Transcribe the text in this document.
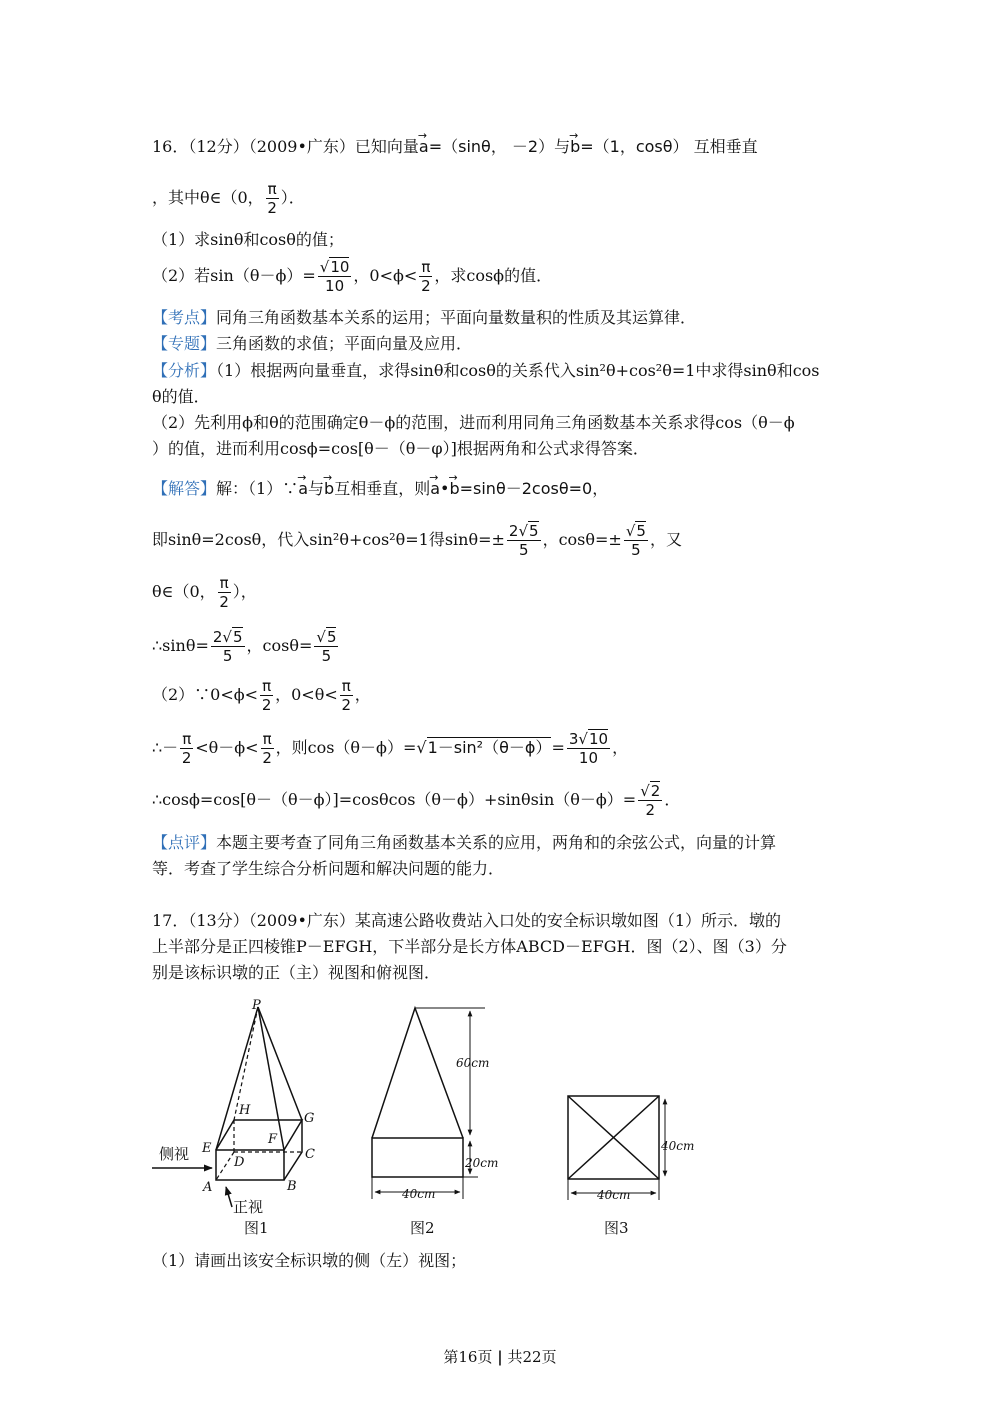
16．（12分）（2009•广东）已知向量→ a=（sinθ， －2）与→ b=（1，cosθ） 互相垂直
，其中θ∈（0， $\frac{\pi}{2}$ ）．
（1）求sinθ和cosθ的值；
（2）若$\sin(\theta-\phi)= \frac{√10}{10}$ ，$0<\phi< \frac{\pi}{2}$ ，求cosϕ的值．
【考点】同角三角函数基本关系的运用；平面向量数量积的性质及其运算律．
【专题】三角函数的求值；平面向量及应用．
【分析】（1）根据两向量垂直，求得sinθ和cosθ的关系代入sin²θ+cos²θ=1中求得sinθ和cos
θ的值．
（2）先利用ϕ和θ的范围确定θ－ϕ的范围，进而利用同角三角函数基本关系求得cos（θ－ϕ
）的值，进而利用cosϕ=cos[θ－（θ－φ）]根据两角和公式求得答案．
【解答】解：（1）∵→ a与→ b互相垂直，则→ a•→ b=sinθ－2cosθ=0，
即sinθ=2cosθ，代入sin²θ+cos²θ=1得$\sin\theta=\pm \frac{2√5}{5}$ ，$\cos\theta=\pm \frac{√5}{5}$ ，又
θ∈（0， $\frac{\pi}{2}$ ），
∴sinθ= $\frac{2√5}{5}$ ，$\cos\theta= \frac{√5}{5}$
（2）∵0<ϕ< $\frac{\pi}{2}$ ，$0<\theta< \frac{\pi}{2}$ ，
∴－ $\frac{\pi}{2} <\theta-\phi< \frac{\pi}{2}$ ，则$\cos(\theta-\phi)=√1-\sin^2(\theta-\phi)= \frac{3√10}{10}$ ，
∴cosϕ=cos[θ－（θ－ϕ）]=cosθcos（θ－ϕ）+sinθsin（θ－ϕ）= $\frac{√2}{2}$ ．
【点评】本题主要考查了同角三角函数基本关系的应用，两角和的余弦公式，向量的计算
等．考查了学生综合分析问题和解决问题的能力．
17．（13分）（2009•广东）某高速公路收费站入口处的安全标识墩如图（1）所示．墩的
上半部分是正四棱锥P－EFGH，下半部分是长方体ABCD－EFGH．图（2）、图（3）分
别是该标识墩的正（主）视图和俯视图．
P
H
G
F
E
D
C
A	B
侧视
正视
图1	图2	图3
60cm
20cm
40cm
40cm
40cm
（1）请画出该安全标识墩的侧（左）视图；
第16页 | 共22页
